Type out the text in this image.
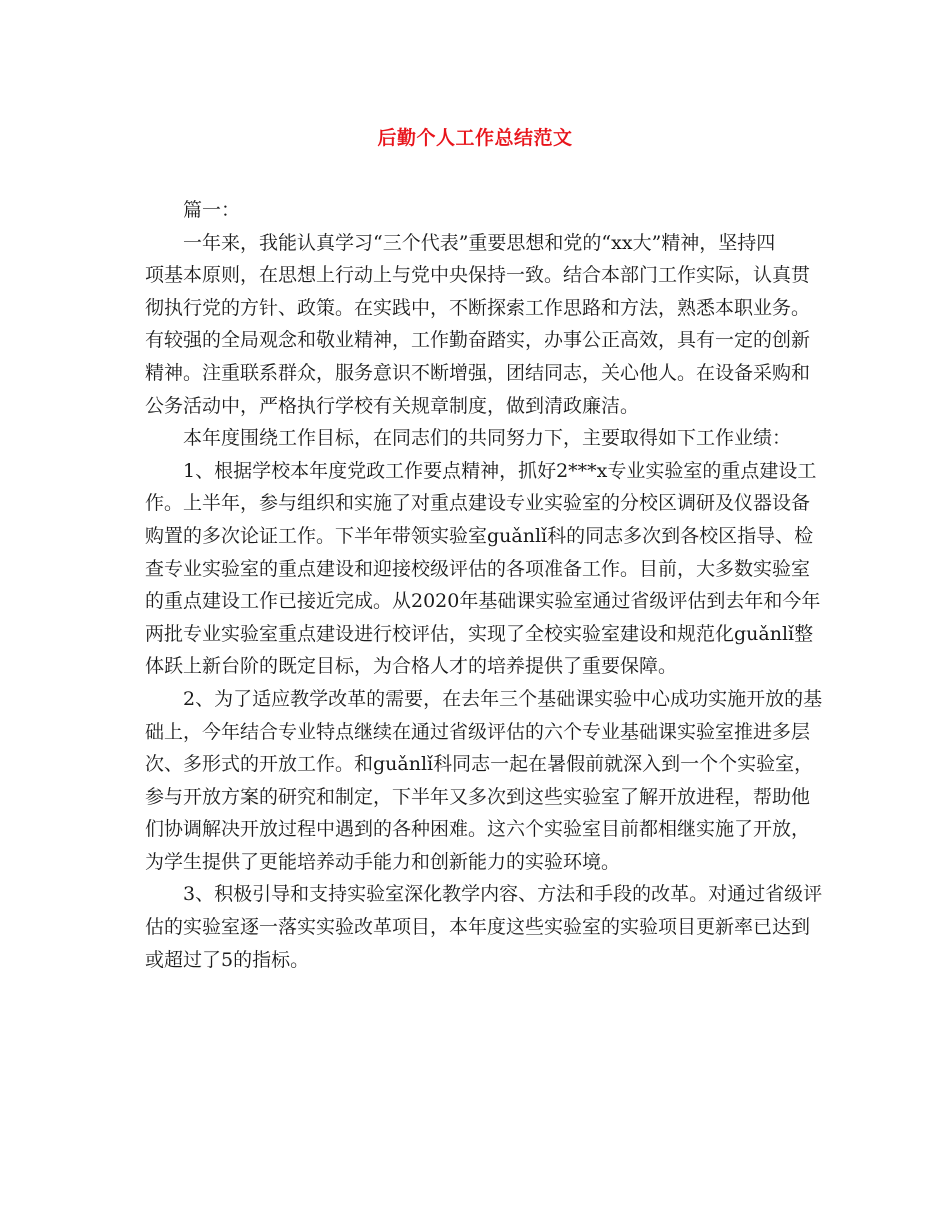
后勤个人工作总结范文
篇一：
一年来，我能认真学习“三个代表”重要思想和党的“xx大”精神，坚持四
项基本原则，在思想上行动上与党中央保持一致。结合本部门工作实际，认真贯
彻执行党的方针、政策。在实践中，不断探索工作思路和方法，熟悉本职业务。
有较强的全局观念和敬业精神，工作勤奋踏实，办事公正高效，具有一定的创新
精神。注重联系群众，服务意识不断增强，团结同志，关心他人。在设备采购和
公务活动中，严格执行学校有关规章制度，做到清政廉洁。
本年度围绕工作目标，在同志们的共同努力下，主要取得如下工作业绩：
1、根据学校本年度党政工作要点精神，抓好2***x专业实验室的重点建设工
作。上半年，参与组织和实施了对重点建设专业实验室的分校区调研及仪器设备
购置的多次论证工作。下半年带领实验室guǎnlǐ科的同志多次到各校区指导、检
查专业实验室的重点建设和迎接校级评估的各项准备工作。目前，大多数实验室
的重点建设工作已接近完成。从2020年基础课实验室通过省级评估到去年和今年
两批专业实验室重点建设进行校评估，实现了全校实验室建设和规范化guǎnlǐ整
体跃上新台阶的既定目标，为合格人才的培养提供了重要保障。
2、为了适应教学改革的需要，在去年三个基础课实验中心成功实施开放的基
础上，今年结合专业特点继续在通过省级评估的六个专业基础课实验室推进多层
次、多形式的开放工作。和guǎnlǐ科同志一起在暑假前就深入到一个个实验室，
参与开放方案的研究和制定，下半年又多次到这些实验室了解开放进程，帮助他
们协调解决开放过程中遇到的各种困难。这六个实验室目前都相继实施了开放，
为学生提供了更能培养动手能力和创新能力的实验环境。
3、积极引导和支持实验室深化教学内容、方法和手段的改革。对通过省级评
估的实验室逐一落实实验改革项目，本年度这些实验室的实验项目更新率已达到
或超过了5的指标。
